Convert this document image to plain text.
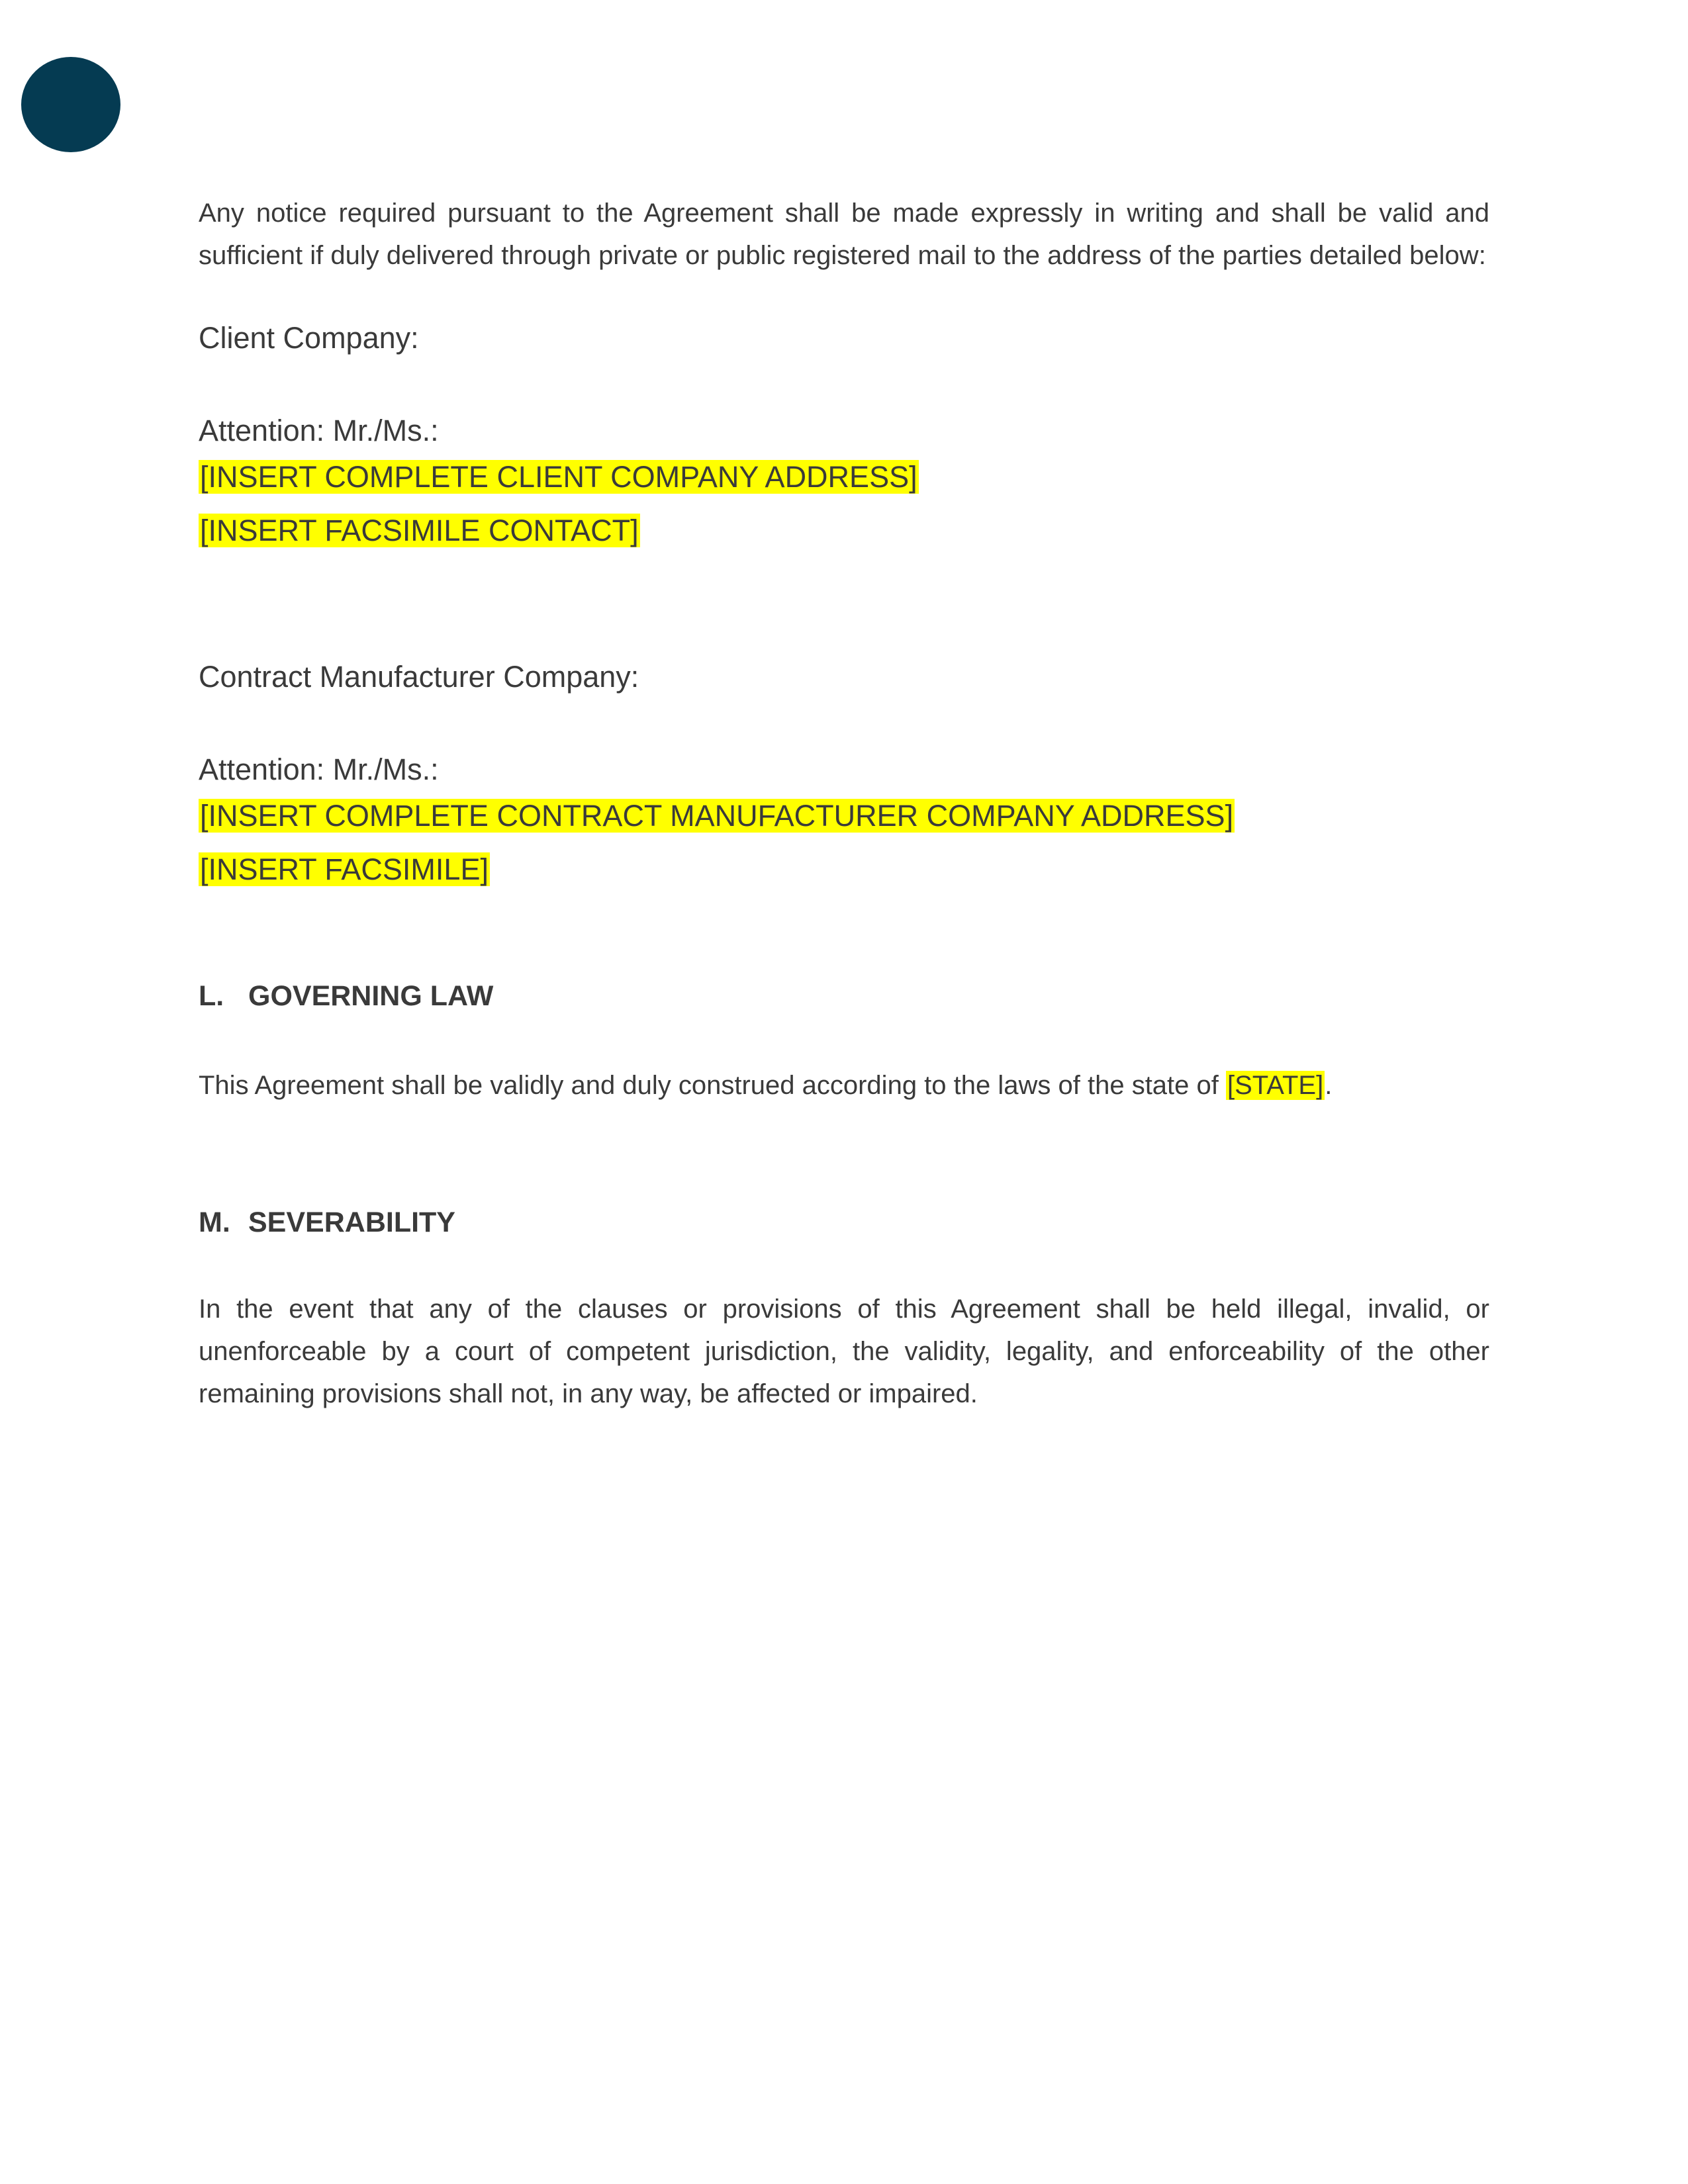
Any notice required pursuant to the Agreement shall be made expressly in writing and shall be valid and sufficient if duly delivered through private or public registered mail to the address of the parties detailed below:

Client Company:

Attention: Mr./Ms.:

[INSERT COMPLETE CLIENT COMPANY ADDRESS]
[INSERT FACSIMILE CONTACT]

Contract Manufacturer Company:

Attention: Mr./Ms.:

[INSERT COMPLETE CONTRACT MANUFACTURER COMPANY ADDRESS]
[INSERT FACSIMILE]

L. GOVERNING LAW

This Agreement shall be validly and duly construed according to the laws of the state of [STATE].

M. SEVERABILITY

In the event that any of the clauses or provisions of this Agreement shall be held illegal, invalid, or unenforceable by a court of competent jurisdiction, the validity, legality, and enforceability of the other remaining provisions shall not, in any way, be affected or impaired.
